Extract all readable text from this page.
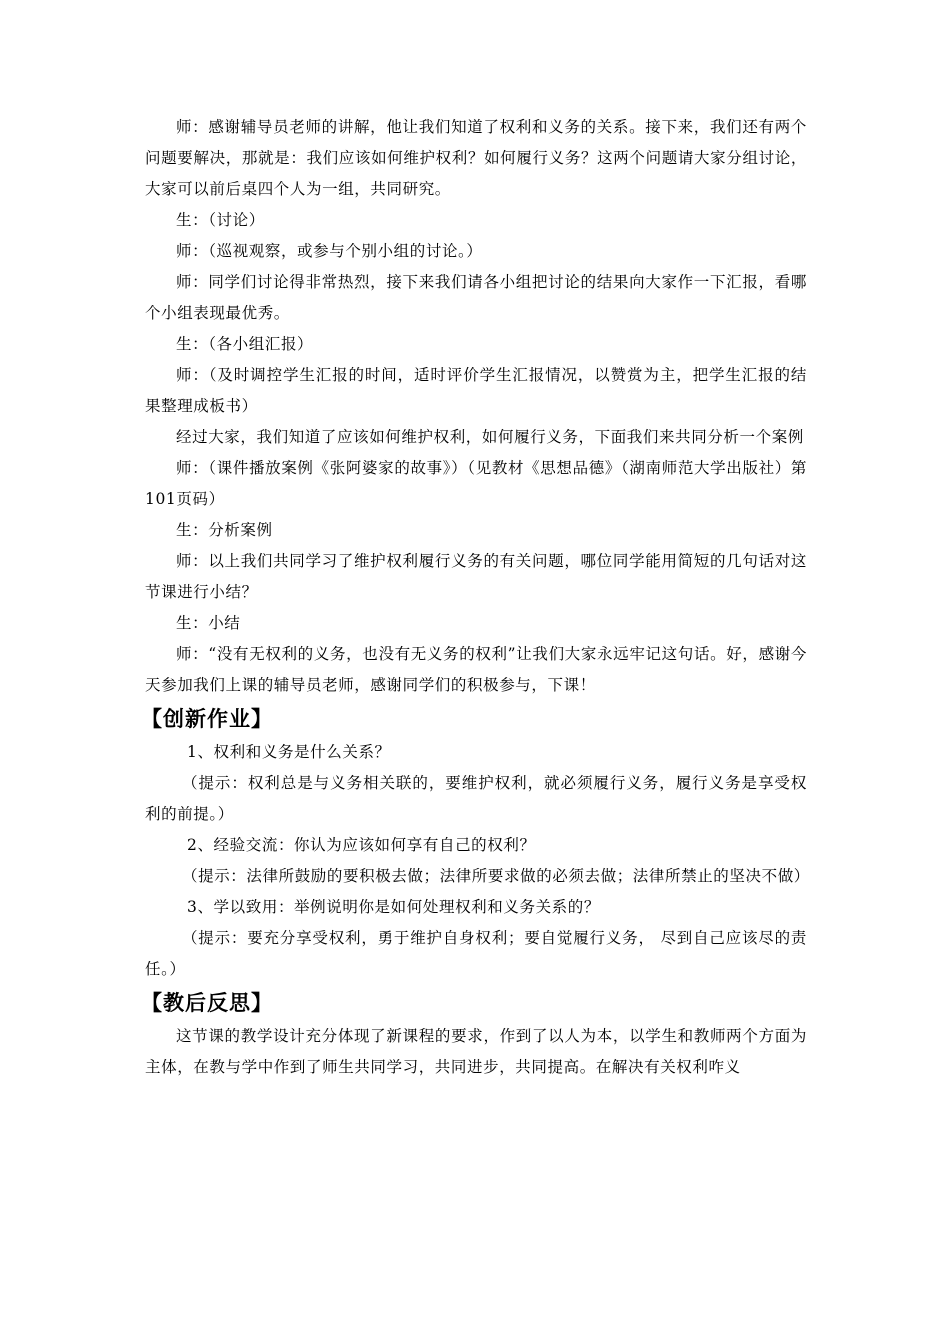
师：感谢辅导员老师的讲解，他让我们知道了权利和义务的关系。接下来，我们还有两个问题要解决，那就是：我们应该如何维护权利？如何履行义务？这两个问题请大家分组讨论，大家可以前后桌四个人为一组，共同研究。

生：（讨论）

师：（巡视观察，或参与个别小组的讨论。）

师：同学们讨论得非常热烈，接下来我们请各小组把讨论的结果向大家作一下汇报，看哪个小组表现最优秀。

生：（各小组汇报）

师：（及时调控学生汇报的时间，适时评价学生汇报情况，以赞赏为主，把学生汇报的结果整理成板书）

经过大家，我们知道了应该如何维护权利，如何履行义务，下面我们来共同分析一个案例

师：（课件播放案例《张阿婆家的故事》）（见教材《思想品德》（湖南师范大学出版社）第101页码）

生：分析案例

师：以上我们共同学习了维护权利履行义务的有关问题，哪位同学能用简短的几句话对这节课进行小结？

生：小结

师：“没有无权利的义务，也没有无义务的权利”让我们大家永远牢记这句话。好，感谢今天参加我们上课的辅导员老师，感谢同学们的积极参与，下课！

【创新作业】

1、权利和义务是什么关系？

（提示：权利总是与义务相关联的，要维护权利，就必须履行义务，履行义务是享受权利的前提。）

2、经验交流：你认为应该如何享有自己的权利？

（提示：法律所鼓励的要积极去做；法律所要求做的必须去做；法律所禁止的坚决不做）

3、学以致用：举例说明你是如何处理权利和义务关系的？

（提示：要充分享受权利，勇于维护自身权利；要自觉履行义务， 尽到自己应该尽的责任。）

【教后反思】

这节课的教学设计充分体现了新课程的要求，作到了以人为本，以学生和教师两个方面为主体，在教与学中作到了师生共同学习，共同进步，共同提高。在解决有关权利咋义
